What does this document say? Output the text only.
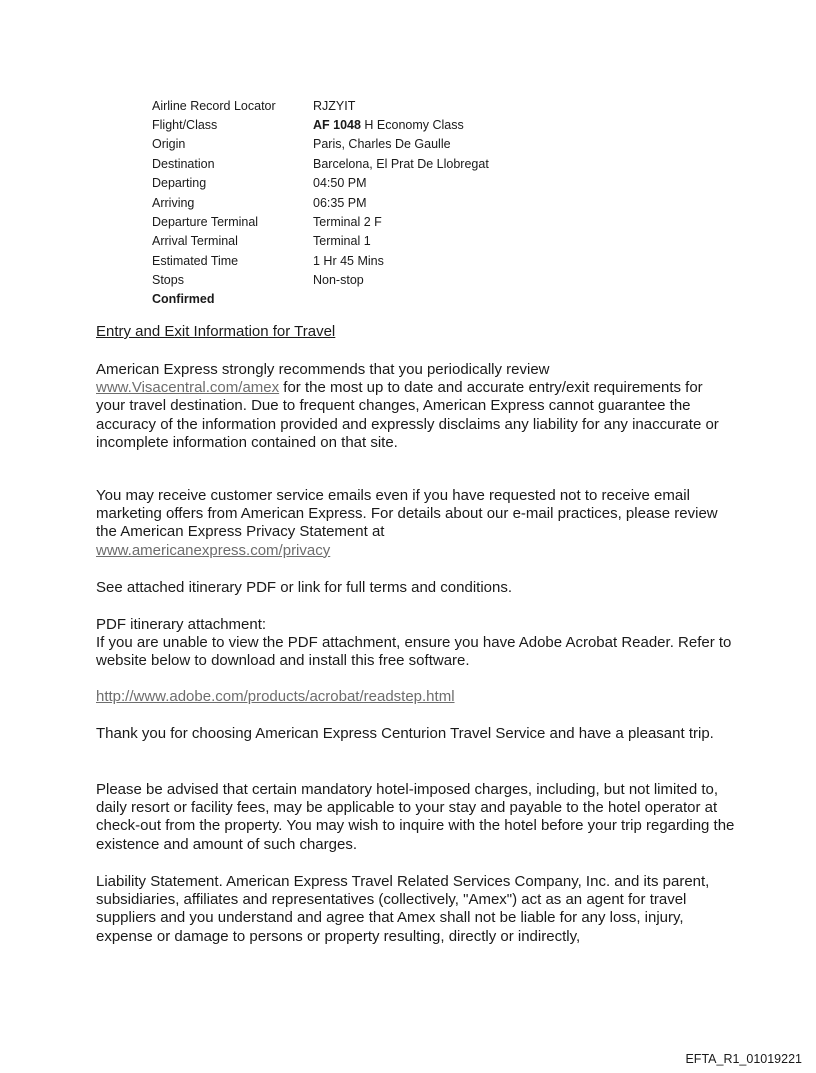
Airline Record Locator	RJZYIT
Flight/Class	AF 1048 H Economy Class
Origin	Paris, Charles De Gaulle
Destination	Barcelona, El Prat De Llobregat
Departing	04:50 PM
Arriving	06:35 PM
Departure Terminal	Terminal 2 F
Arrival Terminal	Terminal 1
Estimated Time	1 Hr 45 Mins
Stops	Non-stop
Confirmed

Entry and Exit Information for Travel

American Express strongly recommends that you periodically review
www.Visacentral.com/amex for the most up to date and accurate entry/exit requirements for your travel destination. Due to frequent changes, American Express cannot guarantee the accuracy of the information provided and expressly disclaims any liability for any inaccurate or incomplete information contained on that site.

You may receive customer service emails even if you have requested not to receive email marketing offers from American Express. For details about our e-mail practices, please review the American Express Privacy Statement at
www.americanexpress.com/privacy

See attached itinerary PDF or link for full terms and conditions.

PDF itinerary attachment:

If you are unable to view the PDF attachment, ensure you have Adobe Acrobat Reader. Refer to website below to download and install this free software.

http://www.adobe.com/products/acrobat/readstep.html

Thank you for choosing American Express Centurion Travel Service and have a pleasant trip.

Please be advised that certain mandatory hotel-imposed charges, including, but not limited to, daily resort or facility fees, may be applicable to your stay and payable to the hotel operator at check-out from the property. You may wish to inquire with the hotel before your trip regarding the existence and amount of such charges.

Liability Statement. American Express Travel Related Services Company, Inc. and its parent, subsidiaries, affiliates and representatives (collectively, "Amex") act as an agent for travel suppliers and you understand and agree that Amex shall not be liable for any loss, injury, expense or damage to persons or property resulting, directly or indirectly,

EFTA_R1_01019221
